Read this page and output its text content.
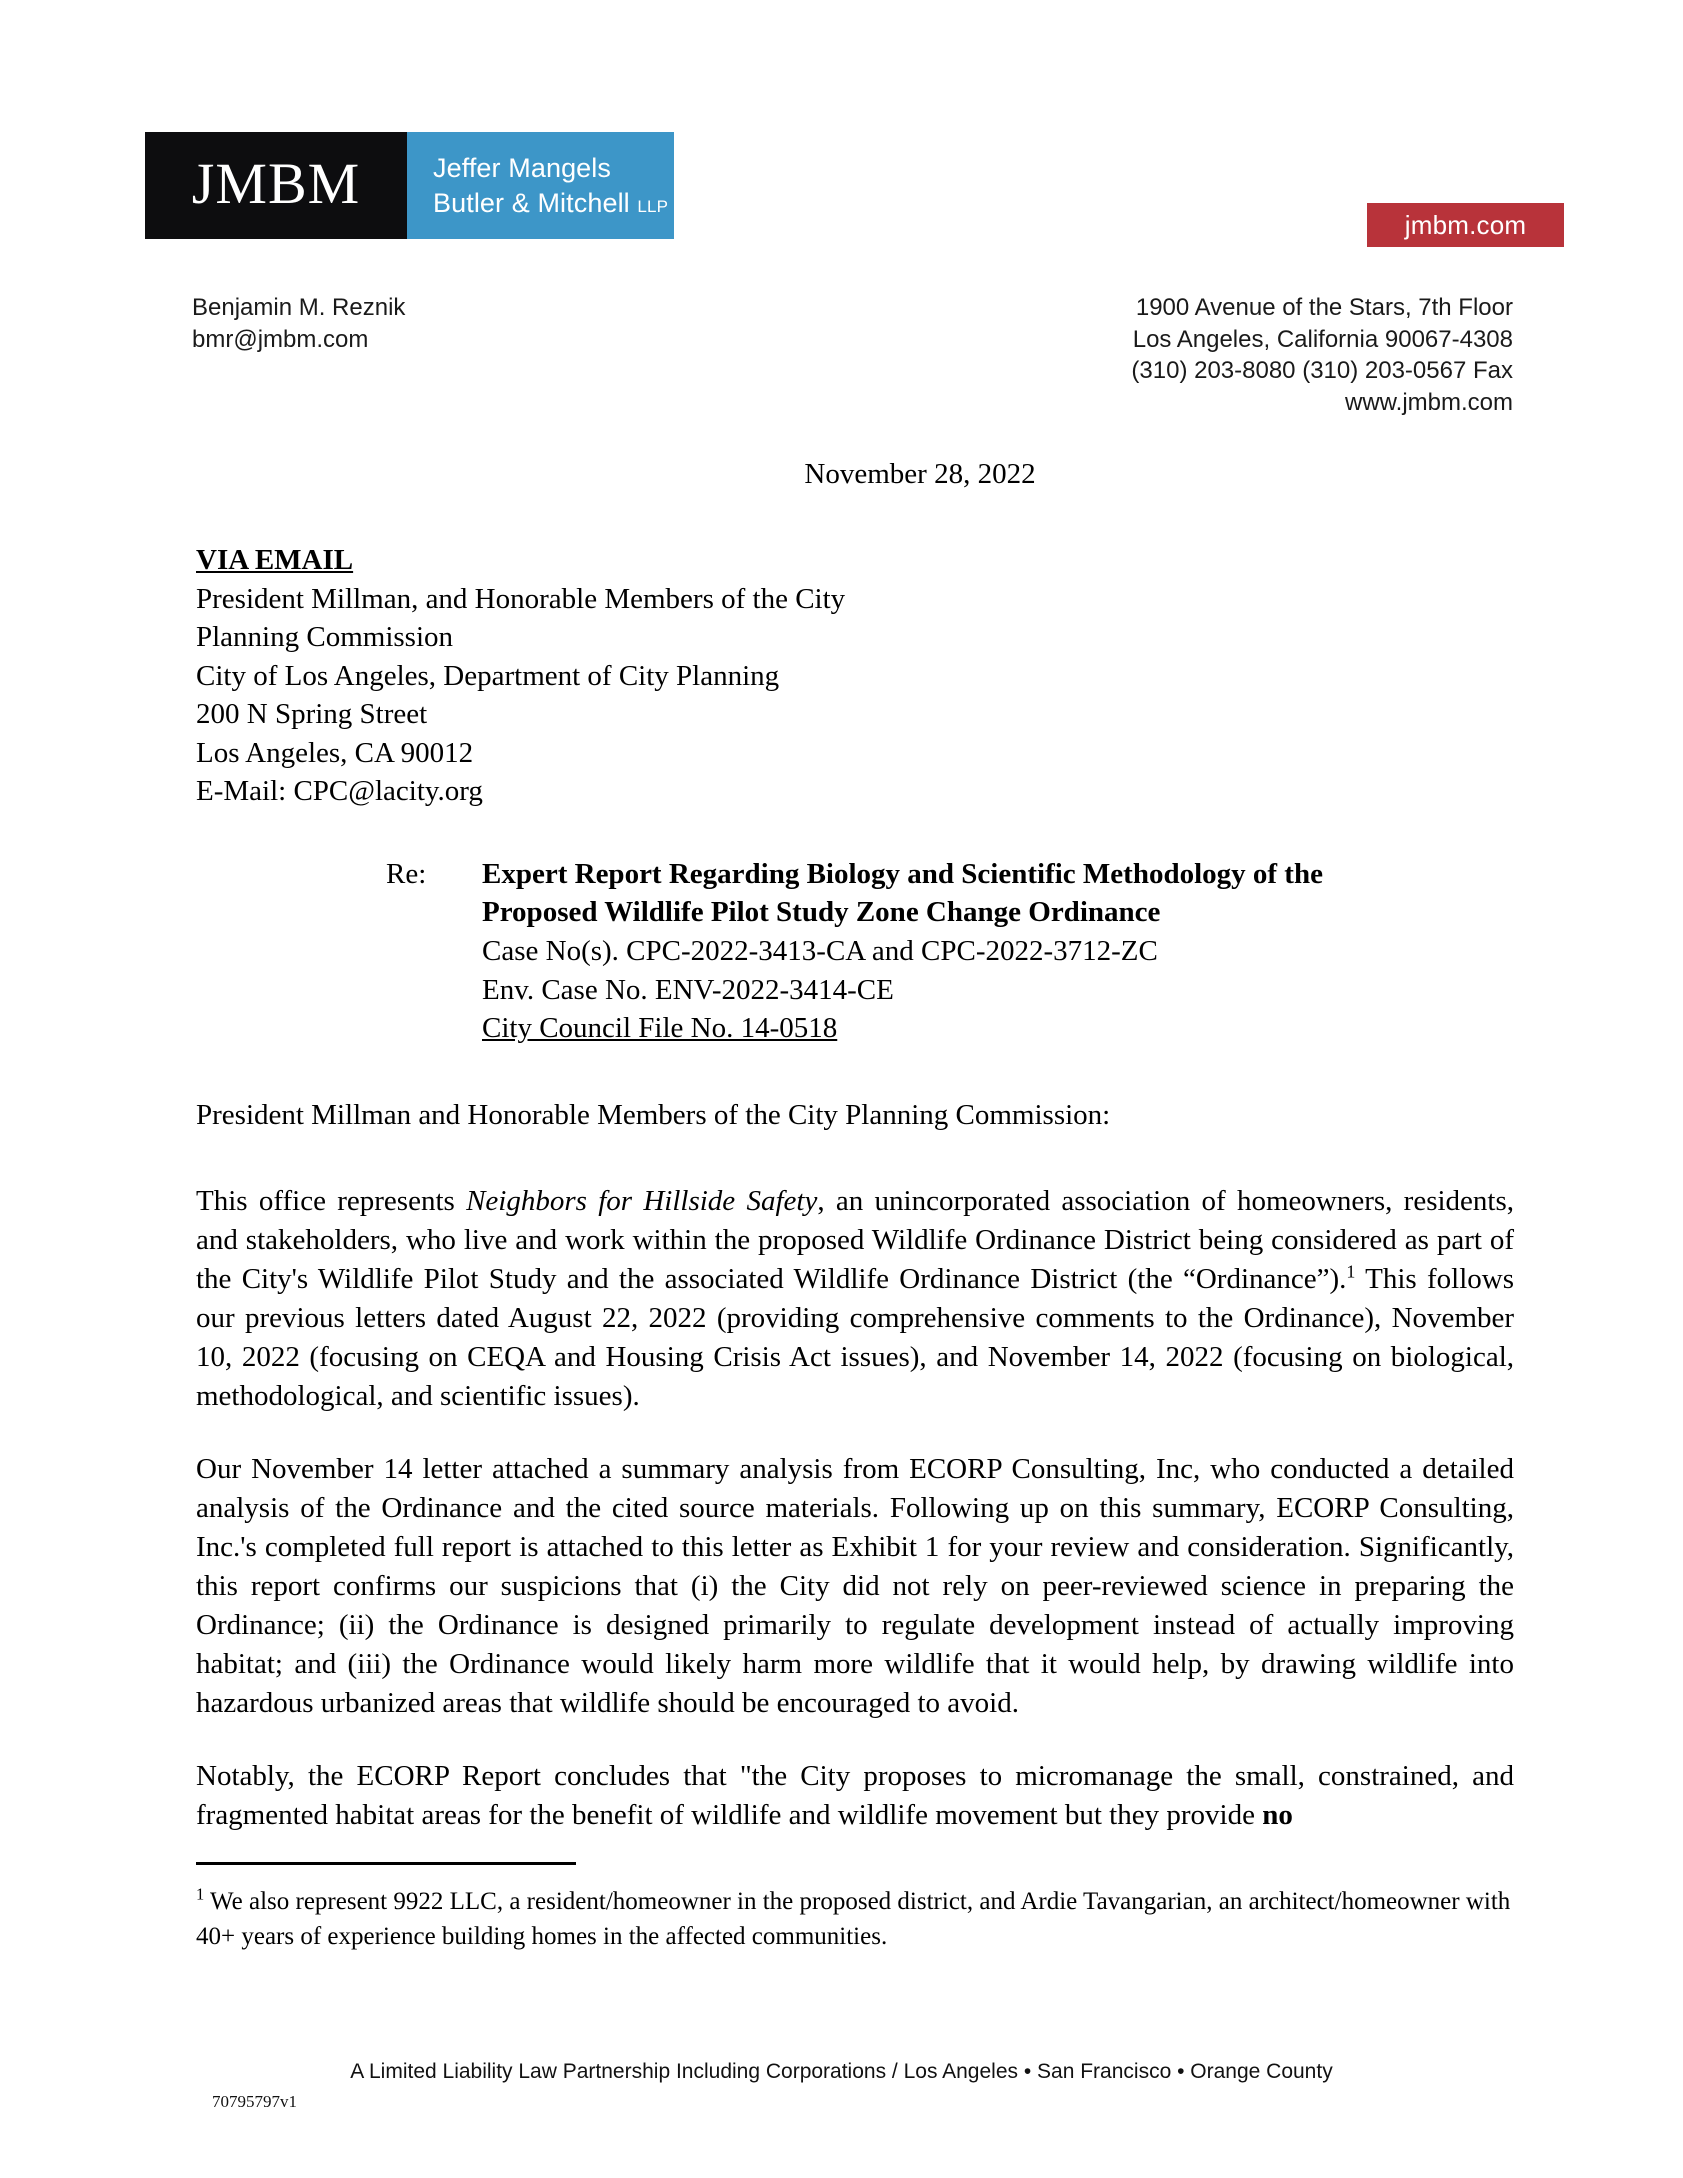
JMBM	Jeffer Mangels
Butler & Mitchell LLP
jmbm.com
Benjamin M. Reznik
bmr@jmbm.com
1900 Avenue of the Stars, 7th Floor
Los Angeles, California 90067-4308
(310) 203-8080 (310) 203-0567 Fax
www.jmbm.com
November 28, 2022
VIA EMAIL
President Millman, and Honorable Members of the City
Planning Commission
City of Los Angeles, Department of City Planning
200 N Spring Street
Los Angeles, CA 90012
E-Mail: CPC@lacity.org
Re:	Expert Report Regarding Biology and Scientific Methodology of the
Proposed Wildlife Pilot Study Zone Change Ordinance
Case No(s). CPC-2022-3413-CA and CPC-2022-3712-ZC
Env. Case No. ENV-2022-3414-CE
City Council File No. 14-0518
President Millman and Honorable Members of the City Planning Commission:

This office represents Neighbors for Hillside Safety, an unincorporated association of homeowners, residents, and stakeholders, who live and work within the proposed Wildlife Ordinance District being considered as part of the City's Wildlife Pilot Study and the associated Wildlife Ordinance District (the “Ordinance”).$^1$ This follows our previous letters dated August 22, 2022 (providing comprehensive comments to the Ordinance), November 10, 2022 (focusing on CEQA and Housing Crisis Act issues), and November 14, 2022 (focusing on biological, methodological, and scientific issues).

Our November 14 letter attached a summary analysis from ECORP Consulting, Inc, who conducted a detailed analysis of the Ordinance and the cited source materials. Following up on this summary, ECORP Consulting, Inc.'s completed full report is attached to this letter as Exhibit 1 for your review and consideration. Significantly, this report confirms our suspicions that (i) the City did not rely on peer-reviewed science in preparing the Ordinance; (ii) the Ordinance is designed primarily to regulate development instead of actually improving habitat; and (iii) the Ordinance would likely harm more wildlife that it would help, by drawing wildlife into hazardous urbanized areas that wildlife should be encouraged to avoid.

Notably, the ECORP Report concludes that "the City proposes to micromanage the small, constrained, and fragmented habitat areas for the benefit of wildlife and wildlife movement but they provide no

$^1$ We also represent 9922 LLC, a resident/homeowner in the proposed district, and Ardie Tavangarian, an architect/homeowner with 40+ years of experience building homes in the affected communities.
A Limited Liability Law Partnership Including Corporations / Los Angeles • San Francisco • Orange County
70795797v1
